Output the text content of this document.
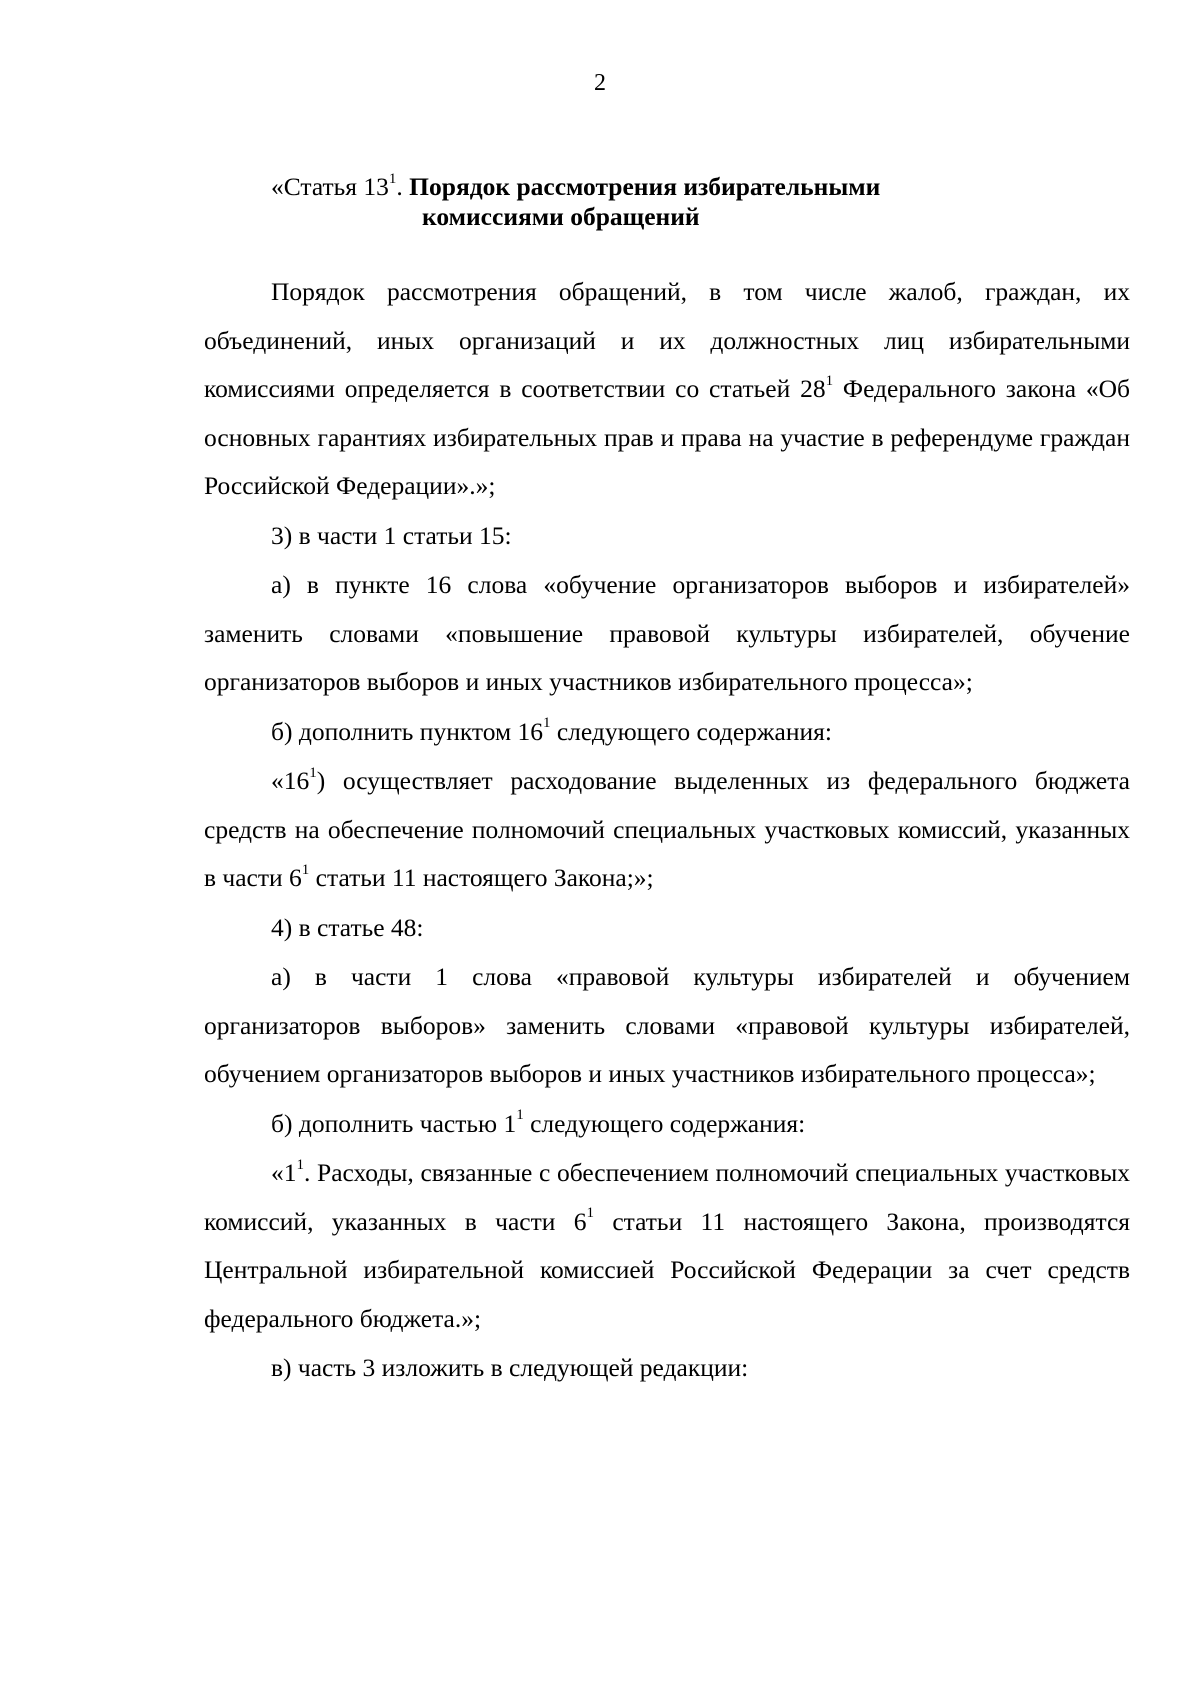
2
«Статья $13^1$. Порядок рассмотрения избирательными
комиссиями обращений

Порядок рассмотрения обращений, в том числе жалоб, граждан, их объединений, иных организаций и их должностных лиц избирательными комиссиями определяется в соответствии со статьей $28^1$ Федерального закона «Об основных гарантиях избирательных прав и права на участие в референдуме граждан Российской Федерации».»;

3) в части 1 статьи 15:

а) в пункте 16 слова «обучение организаторов выборов и избирателей» заменить словами «повышение правовой культуры избирателей, обучение организаторов выборов и иных участников избирательного процесса»;

б) дополнить пунктом $16^1$ следующего содержания:

«$16^1$) осуществляет расходование выделенных из федерального бюджета средств на обеспечение полномочий специальных участковых комиссий, указанных в части $6^1$ статьи 11 настоящего Закона;»;

4) в статье 48:

а) в части 1 слова «правовой культуры избирателей и обучением организаторов выборов» заменить словами «правовой культуры избирателей, обучением организаторов выборов и иных участников избирательного процесса»;

б) дополнить частью $1^1$ следующего содержания:

«$1^1$. Расходы, связанные с обеспечением полномочий специальных участковых комиссий, указанных в части $6^1$ статьи 11 настоящего Закона, производятся Центральной избирательной комиссией Российской Федерации за счет средств федерального бюджета.»;

в) часть 3 изложить в следующей редакции:
